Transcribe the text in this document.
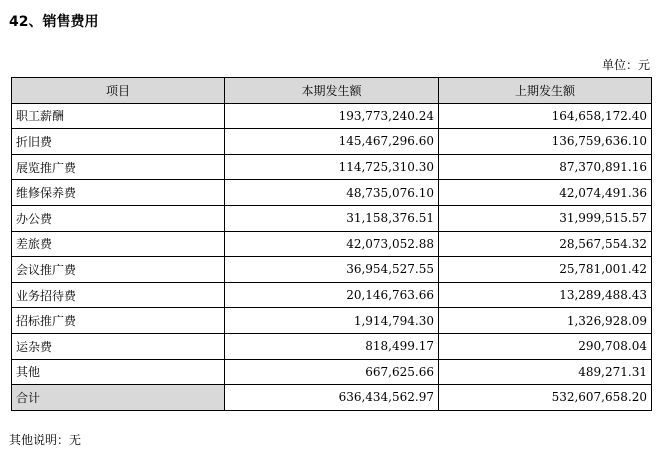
42、销售费用
单位：元
项目	本期发生额	上期发生额
职工薪酬	193,773,240.24	164,658,172.40
折旧费	145,467,296.60	136,759,636.10
展览推广费	114,725,310.30	87,370,891.16
维修保养费	48,735,076.10	42,074,491.36
办公费	31,158,376.51	31,999,515.57
差旅费	42,073,052.88	28,567,554.32
会议推广费	36,954,527.55	25,781,001.42
业务招待费	20,146,763.66	13,289,488.43
招标推广费	1,914,794.30	1,326,928.09
运杂费	818,499.17	290,708.04
其他	667,625.66	489,271.31
合计	636,434,562.97	532,607,658.20
其他说明：无
